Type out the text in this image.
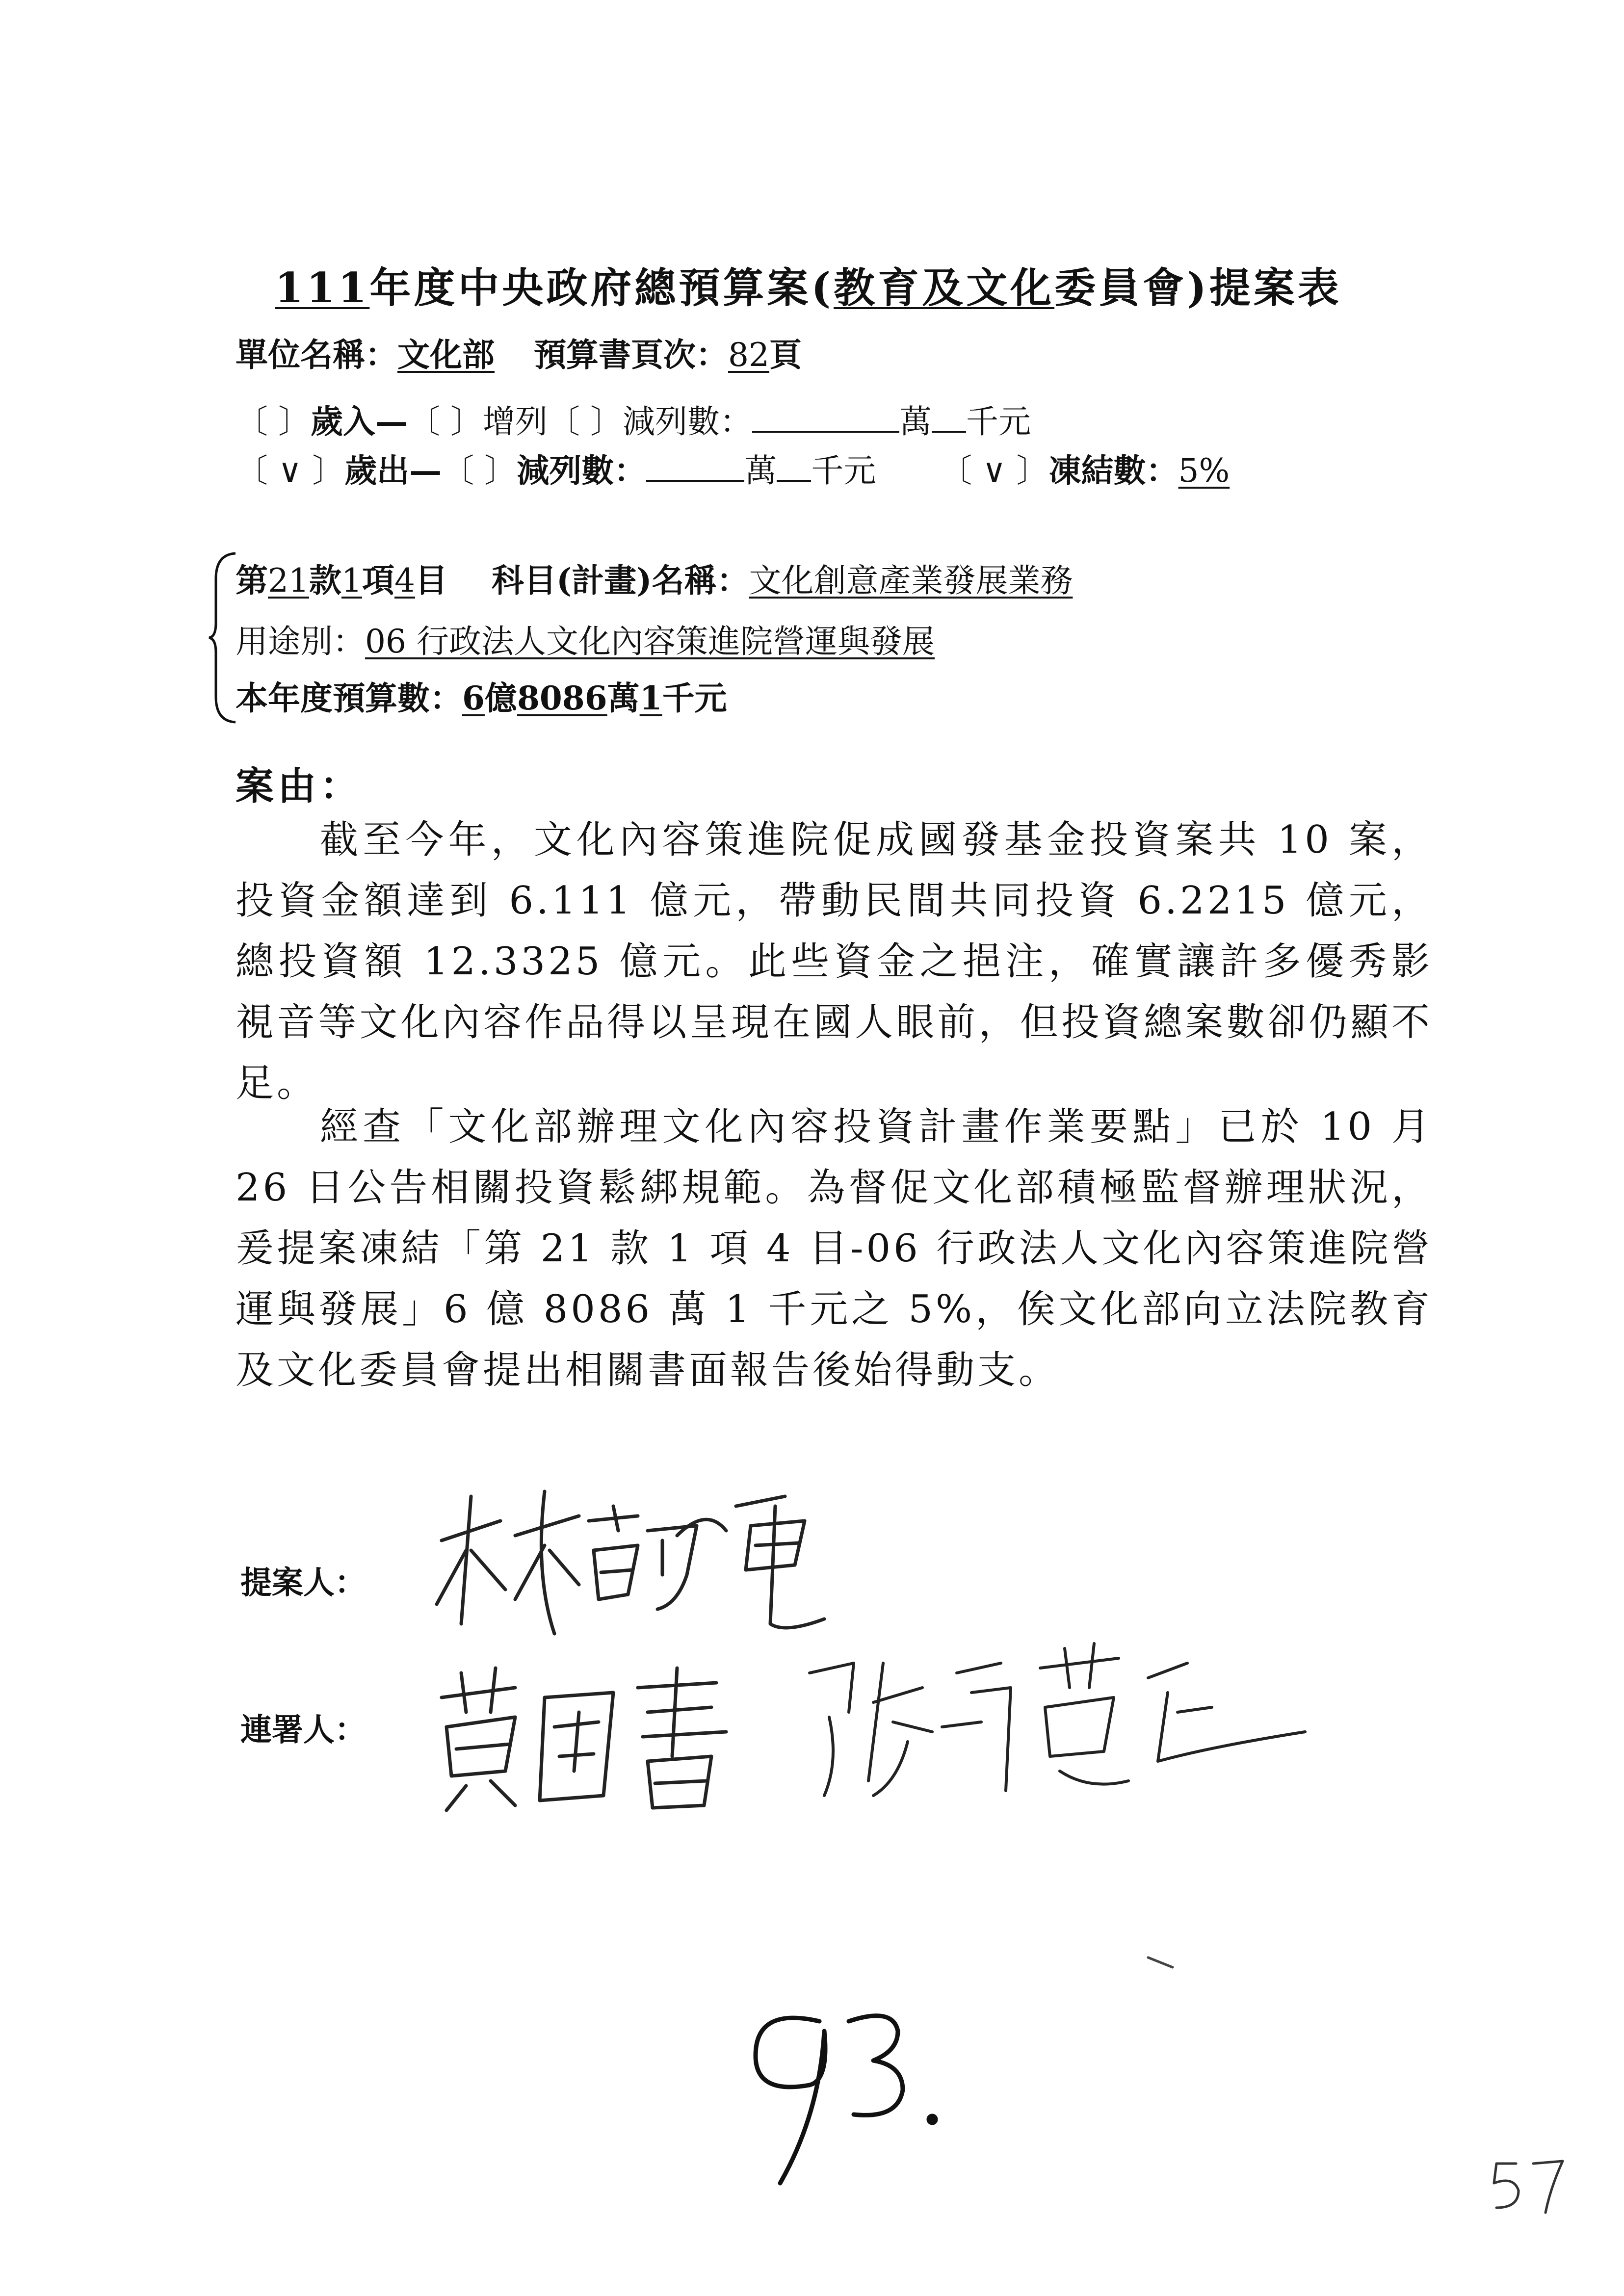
111年度中央政府總預算案(教育及文化委員會)提案表
單位名稱：文化部 預算書頁次：82頁
〔 〕歲入—〔 〕增列〔 〕減列數：	萬 千元
〔 ∨ 〕歲出—〔 〕減列數：	萬 千元 〔 ∨ 〕凍結數：5%
第21款1項4目 科目(計畫)名稱：文化創意產業發展業務
用途別：06 行政法人文化內容策進院營運與發展
本年度預算數：6億8086萬1千元
案由：
截至今年，文化內容策進院促成國發基金投資案共 10 案，投資金額達到 6.111 億元，帶動民間共同投資 6.2215 億元，總投資額 12.3325 億元。此些資金之挹注，確實讓許多優秀影視音等文化內容作品得以呈現在國人眼前，但投資總案數卻仍顯不足。
經查「文化部辦理文化內容投資計畫作業要點」已於 10 月 26 日公告相關投資鬆綁規範。為督促文化部積極監督辦理狀況，爰提案凍結「第 21 款 1 項 4 目-06 行政法人文化內容策進院營運與發展」6 億 8086 萬 1 千元之 5%，俟文化部向立法院教育及文化委員會提出相關書面報告後始得動支。
提案人：
連署人：
